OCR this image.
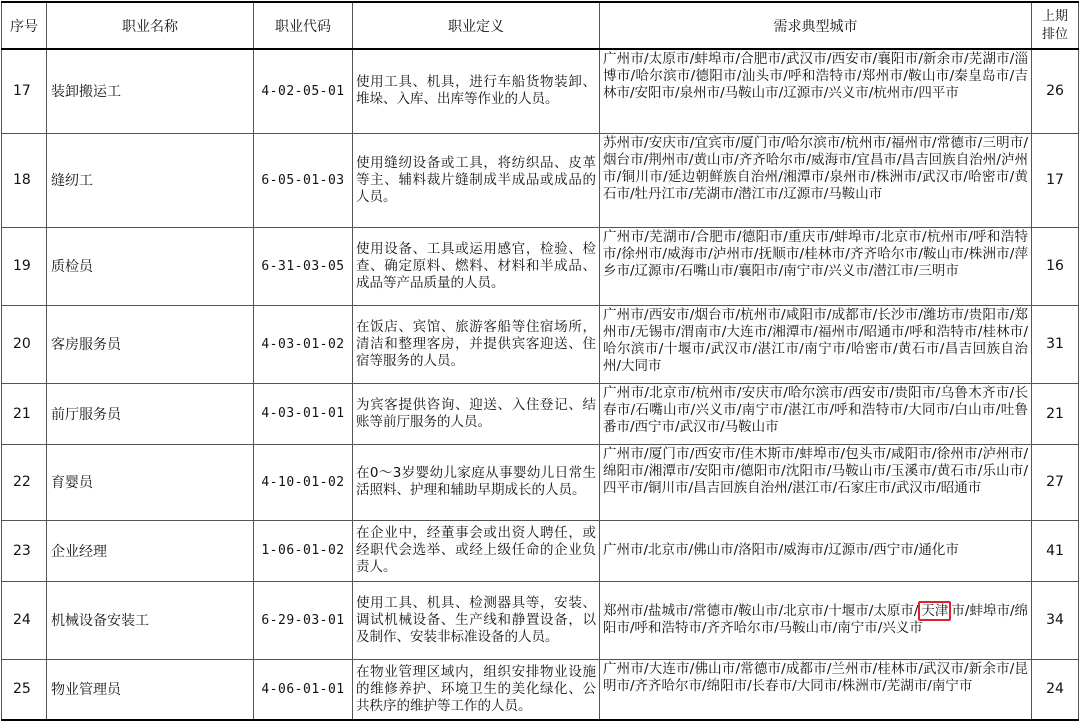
序号	职业名称	职业代码	职业定义	需求典型城市	上期
排位
17	装卸搬运工	4-02-05-01	使用工具、机具，进行车船货物装卸、堆垛、入库、出库等作业的人员。	广州市/太原市/蚌埠市/合肥市/武汉市/西安市/襄阳市/新余市/芜湖市/淄博市/哈尔滨市/德阳市/汕头市/呼和浩特市/郑州市/鞍山市/秦皇岛市/吉林市/安阳市/泉州市/马鞍山市/辽源市/兴义市/杭州市/四平市	26
18	缝纫工	6-05-01-03	使用缝纫设备或工具，将纺织品、皮革等主、辅料裁片缝制成半成品或成品的人员。	苏州市/安庆市/宜宾市/厦门市/哈尔滨市/杭州市/福州市/常德市/三明市/烟台市/荆州市/黄山市/齐齐哈尔市/威海市/宜昌市/昌吉回族自治州/泸州市/铜川市/延边朝鲜族自治州/湘潭市/泉州市/株洲市/武汉市/哈密市/黄石市/牡丹江市/芜湖市/潜江市/辽源市/马鞍山市	17
19	质检员	6-31-03-05	使用设备、工具或运用感官，检验、检查、确定原料、燃料、材料和半成品、成品等产品质量的人员。	广州市/芜湖市/合肥市/德阳市/重庆市/蚌埠市/北京市/杭州市/呼和浩特市/徐州市/威海市/泸州市/抚顺市/桂林市/齐齐哈尔市/鞍山市/株洲市/萍乡市/辽源市/石嘴山市/襄阳市/南宁市/兴义市/潜江市/三明市	16
20	客房服务员	4-03-01-02	在饭店、宾馆、旅游客船等住宿场所，清洁和整理客房，并提供宾客迎送、住宿等服务的人员。	广州市/西安市/烟台市/杭州市/咸阳市/成都市/长沙市/潍坊市/贵阳市/郑州市/无锡市/渭南市/大连市/湘潭市/福州市/昭通市/呼和浩特市/桂林市/哈尔滨市/十堰市/武汉市/湛江市/南宁市/哈密市/黄石市/昌吉回族自治州/大同市	31
21	前厅服务员	4-03-01-01	为宾客提供咨询、迎送、入住登记、结账等前厅服务的人员。	广州市/北京市/杭州市/安庆市/哈尔滨市/西安市/贵阳市/乌鲁木齐市/长春市/石嘴山市/兴义市/南宁市/湛江市/呼和浩特市/大同市/白山市/吐鲁番市/西宁市/武汉市/马鞍山市	21
22	育婴员	4-10-01-02	在0～3岁婴幼儿家庭从事婴幼儿日常生活照料、护理和辅助早期成长的人员。	广州市/厦门市/西安市/佳木斯市/蚌埠市/包头市/咸阳市/徐州市/泸州市/绵阳市/湘潭市/安阳市/德阳市/沈阳市/马鞍山市/玉溪市/黄石市/乐山市/四平市/铜川市/昌吉回族自治州/湛江市/石家庄市/武汉市/昭通市	27
23	企业经理	1-06-01-02	在企业中，经董事会或出资人聘任，或经职代会选举、或经上级任命的企业负责人。	广州市/北京市/佛山市/洛阳市/威海市/辽源市/西宁市/通化市	41
24	机械设备安装工	6-29-03-01	使用工具、机具、检测器具等，安装、调试机械设备、生产线和静置设备，以及制作、安装非标准设备的人员。	郑州市/盐城市/常德市/鞍山市/北京市/十堰市/太原市/ 天津 市/蚌埠市/绵阳市/呼和浩特市/齐齐哈尔市/马鞍山市/南宁市/兴义市	34
25	物业管理员	4-06-01-01	在物业管理区域内，组织安排物业设施的维修养护、环境卫生的美化绿化、公共秩序的维护等工作的人员。	广州市/大连市/佛山市/常德市/成都市/兰州市/桂林市/武汉市/新余市/昆明市/齐齐哈尔市/绵阳市/长春市/大同市/株洲市/芜湖市/南宁市	24
